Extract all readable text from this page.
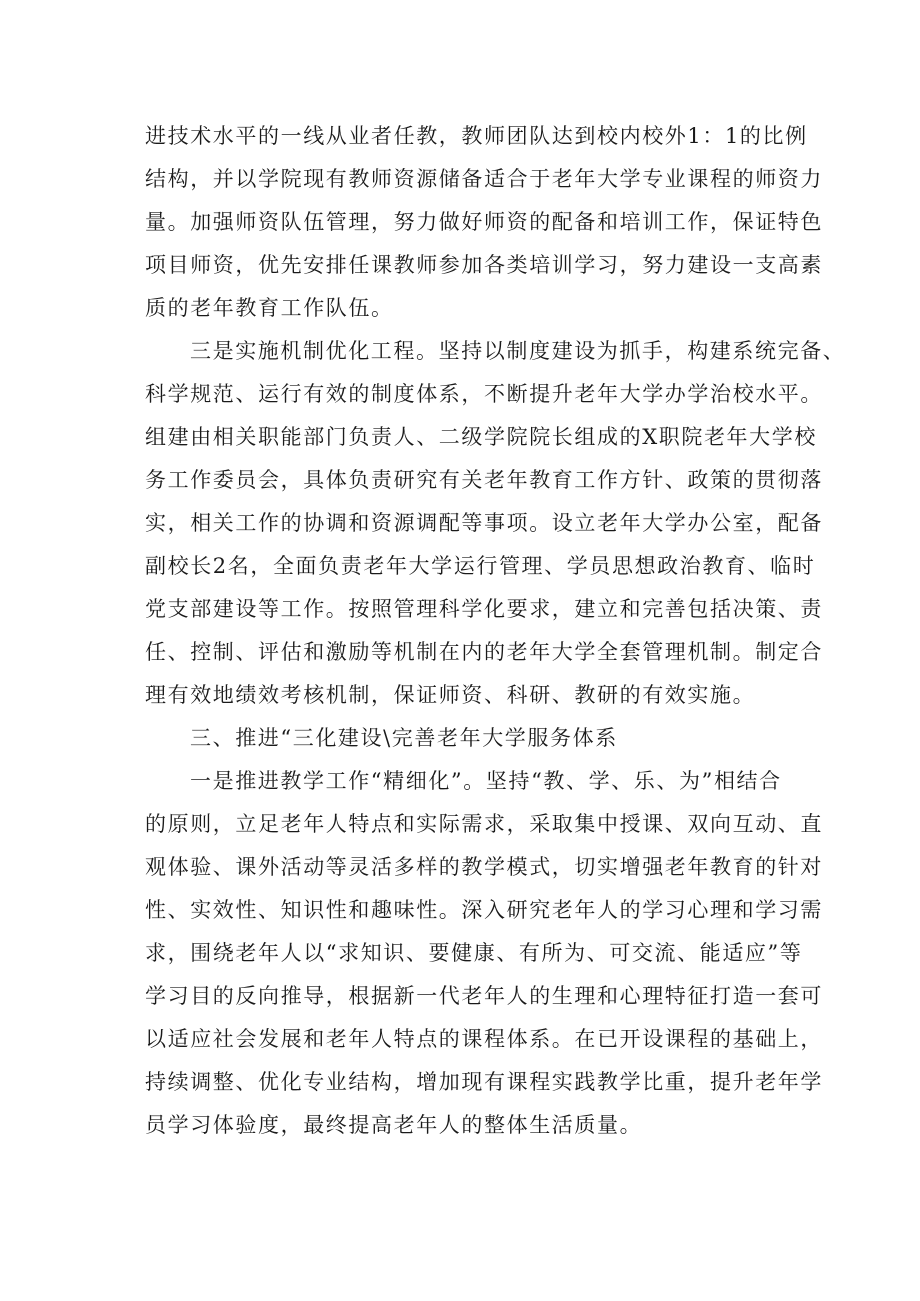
进技术水平的一线从业者任教，教师团队达到校内校外1：1的比例
结构，并以学院现有教师资源储备适合于老年大学专业课程的师资力
量。加强师资队伍管理，努力做好师资的配备和培训工作，保证特色
项目师资，优先安排任课教师参加各类培训学习，努力建设一支高素
质的老年教育工作队伍。
三是实施机制优化工程。坚持以制度建设为抓手，构建系统完备、
科学规范、运行有效的制度体系，不断提升老年大学办学治校水平。
组建由相关职能部门负责人、二级学院院长组成的X职院老年大学校
务工作委员会，具体负责研究有关老年教育工作方针、政策的贯彻落
实，相关工作的协调和资源调配等事项。设立老年大学办公室，配备
副校长2名，全面负责老年大学运行管理、学员思想政治教育、临时
党支部建设等工作。按照管理科学化要求，建立和完善包括决策、责
任、控制、评估和激励等机制在内的老年大学全套管理机制。制定合
理有效地绩效考核机制，保证师资、科研、教研的有效实施。
三、推进“三化建设\完善老年大学服务体系
一是推进教学工作“精细化”。坚持“教、学、乐、为”相结合
的原则，立足老年人特点和实际需求，采取集中授课、双向互动、直
观体验、课外活动等灵活多样的教学模式，切实增强老年教育的针对
性、实效性、知识性和趣味性。深入研究老年人的学习心理和学习需
求，围绕老年人以“求知识、要健康、有所为、可交流、能适应”等
学习目的反向推导，根据新一代老年人的生理和心理特征打造一套可
以适应社会发展和老年人特点的课程体系。在已开设课程的基础上，
持续调整、优化专业结构，增加现有课程实践教学比重，提升老年学
员学习体验度，最终提高老年人的整体生活质量。
